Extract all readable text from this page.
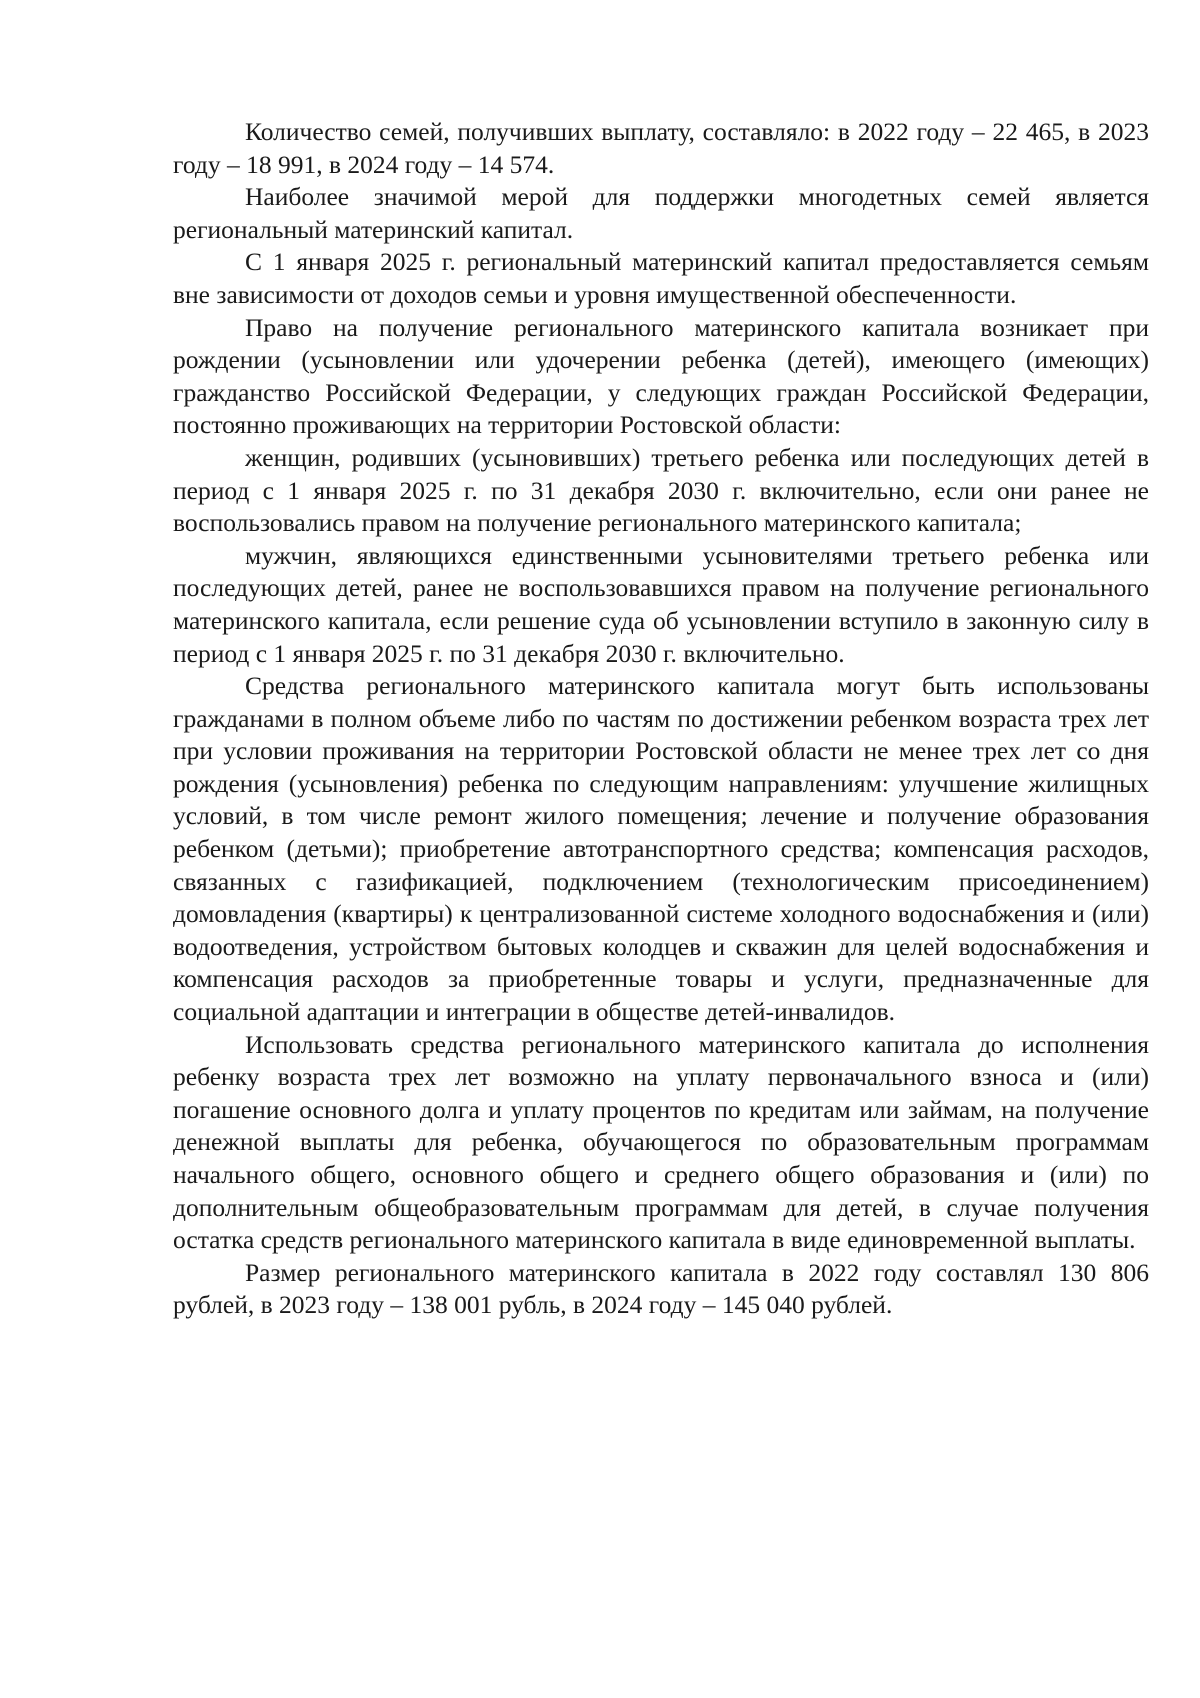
Количество семей, получивших выплату, составляло: в 2022 году – 22 465, в 2023 году – 18 991, в 2024 году – 14 574.

Наиболее значимой мерой для поддержки многодетных семей является региональный материнский капитал.

С 1 января 2025 г. региональный материнский капитал предоставляется семьям вне зависимости от доходов семьи и уровня имущественной обеспеченности.

Право на получение регионального материнского капитала возникает при рождении (усыновлении или удочерении ребенка (детей), имеющего (имеющих) гражданство Российской Федерации, у следующих граждан Российской Федерации, постоянно проживающих на территории Ростовской области:

женщин, родивших (усыновивших) третьего ребенка или последующих детей в период с 1 января 2025 г. по 31 декабря 2030 г. включительно, если они ранее не воспользовались правом на получение регионального материнского капитала;

мужчин, являющихся единственными усыновителями третьего ребенка или последующих детей, ранее не воспользовавшихся правом на получение регионального материнского капитала, если решение суда об усыновлении вступило в законную силу в период с 1 января 2025 г. по 31 декабря 2030 г. включительно.

Средства регионального материнского капитала могут быть использованы гражданами в полном объеме либо по частям по достижении ребенком возраста трех лет при условии проживания на территории Ростовской области не менее трех лет со дня рождения (усыновления) ребенка по следующим направлениям: улучшение жилищных условий, в том числе ремонт жилого помещения; лечение и получение образования ребенком (детьми); приобретение автотранспортного средства; компенсация расходов, связанных с газификацией, подключением (технологическим присоединением) домовладения (квартиры) к централизованной системе холодного водоснабжения и (или) водоотведения, устройством бытовых колодцев и скважин для целей водоснабжения и компенсация расходов за приобретенные товары и услуги, предназначенные для социальной адаптации и интеграции в обществе детей-инвалидов.

Использовать средства регионального материнского капитала до исполнения ребенку возраста трех лет возможно на уплату первоначального взноса и (или) погашение основного долга и уплату процентов по кредитам или займам, на получение денежной выплаты для ребенка, обучающегося по образовательным программам начального общего, основного общего и среднего общего образования и (или) по дополнительным общеобразовательным программам для детей, в случае получения остатка средств регионального материнского капитала в виде единовременной выплаты.

Размер регионального материнского капитала в 2022 году составлял 130 806 рублей, в 2023 году – 138 001 рубль, в 2024 году – 145 040 рублей.
